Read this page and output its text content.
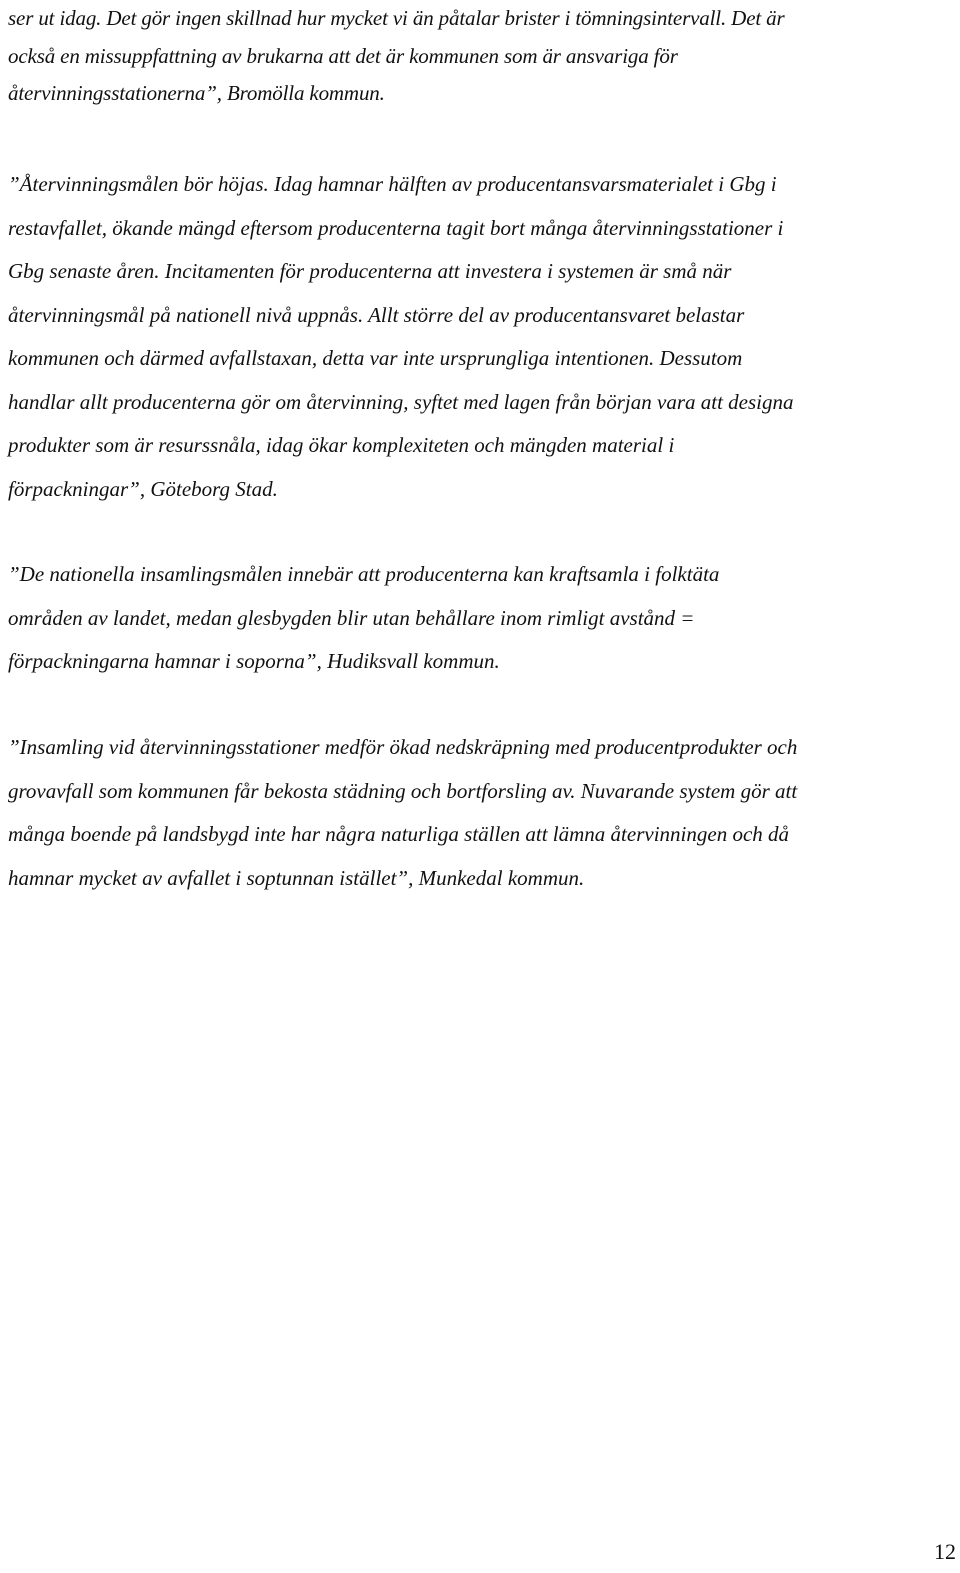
ser ut idag. Det gör ingen skillnad hur mycket vi än påtalar brister i tömningsintervall. Det är
också en missuppfattning av brukarna att det är kommunen som är ansvariga för
återvinningsstationerna”, Bromölla kommun.

”Återvinningsmålen bör höjas. Idag hamnar hälften av producentansvarsmaterialet i Gbg i
restavfallet, ökande mängd eftersom producenterna tagit bort många återvinningsstationer i
Gbg senaste åren. Incitamenten för producenterna att investera i systemen är små när
återvinningsmål på nationell nivå uppnås. Allt större del av producentansvaret belastar
kommunen och därmed avfallstaxan, detta var inte ursprungliga intentionen. Dessutom
handlar allt producenterna gör om återvinning, syftet med lagen från början vara att designa
produkter som är resurssnåla, idag ökar komplexiteten och mängden material i
förpackningar”, Göteborg Stad.

”De nationella insamlingsmålen innebär att producenterna kan kraftsamla i folktäta
områden av landet, medan glesbygden blir utan behållare inom rimligt avstånd =
förpackningarna hamnar i soporna”, Hudiksvall kommun.

”Insamling vid återvinningsstationer medför ökad nedskräpning med producentprodukter och
grovavfall som kommunen får bekosta städning och bortforsling av. Nuvarande system gör att
många boende på landsbygd inte har några naturliga ställen att lämna återvinningen och då
hamnar mycket av avfallet i soptunnan istället”, Munkedal kommun.

12
